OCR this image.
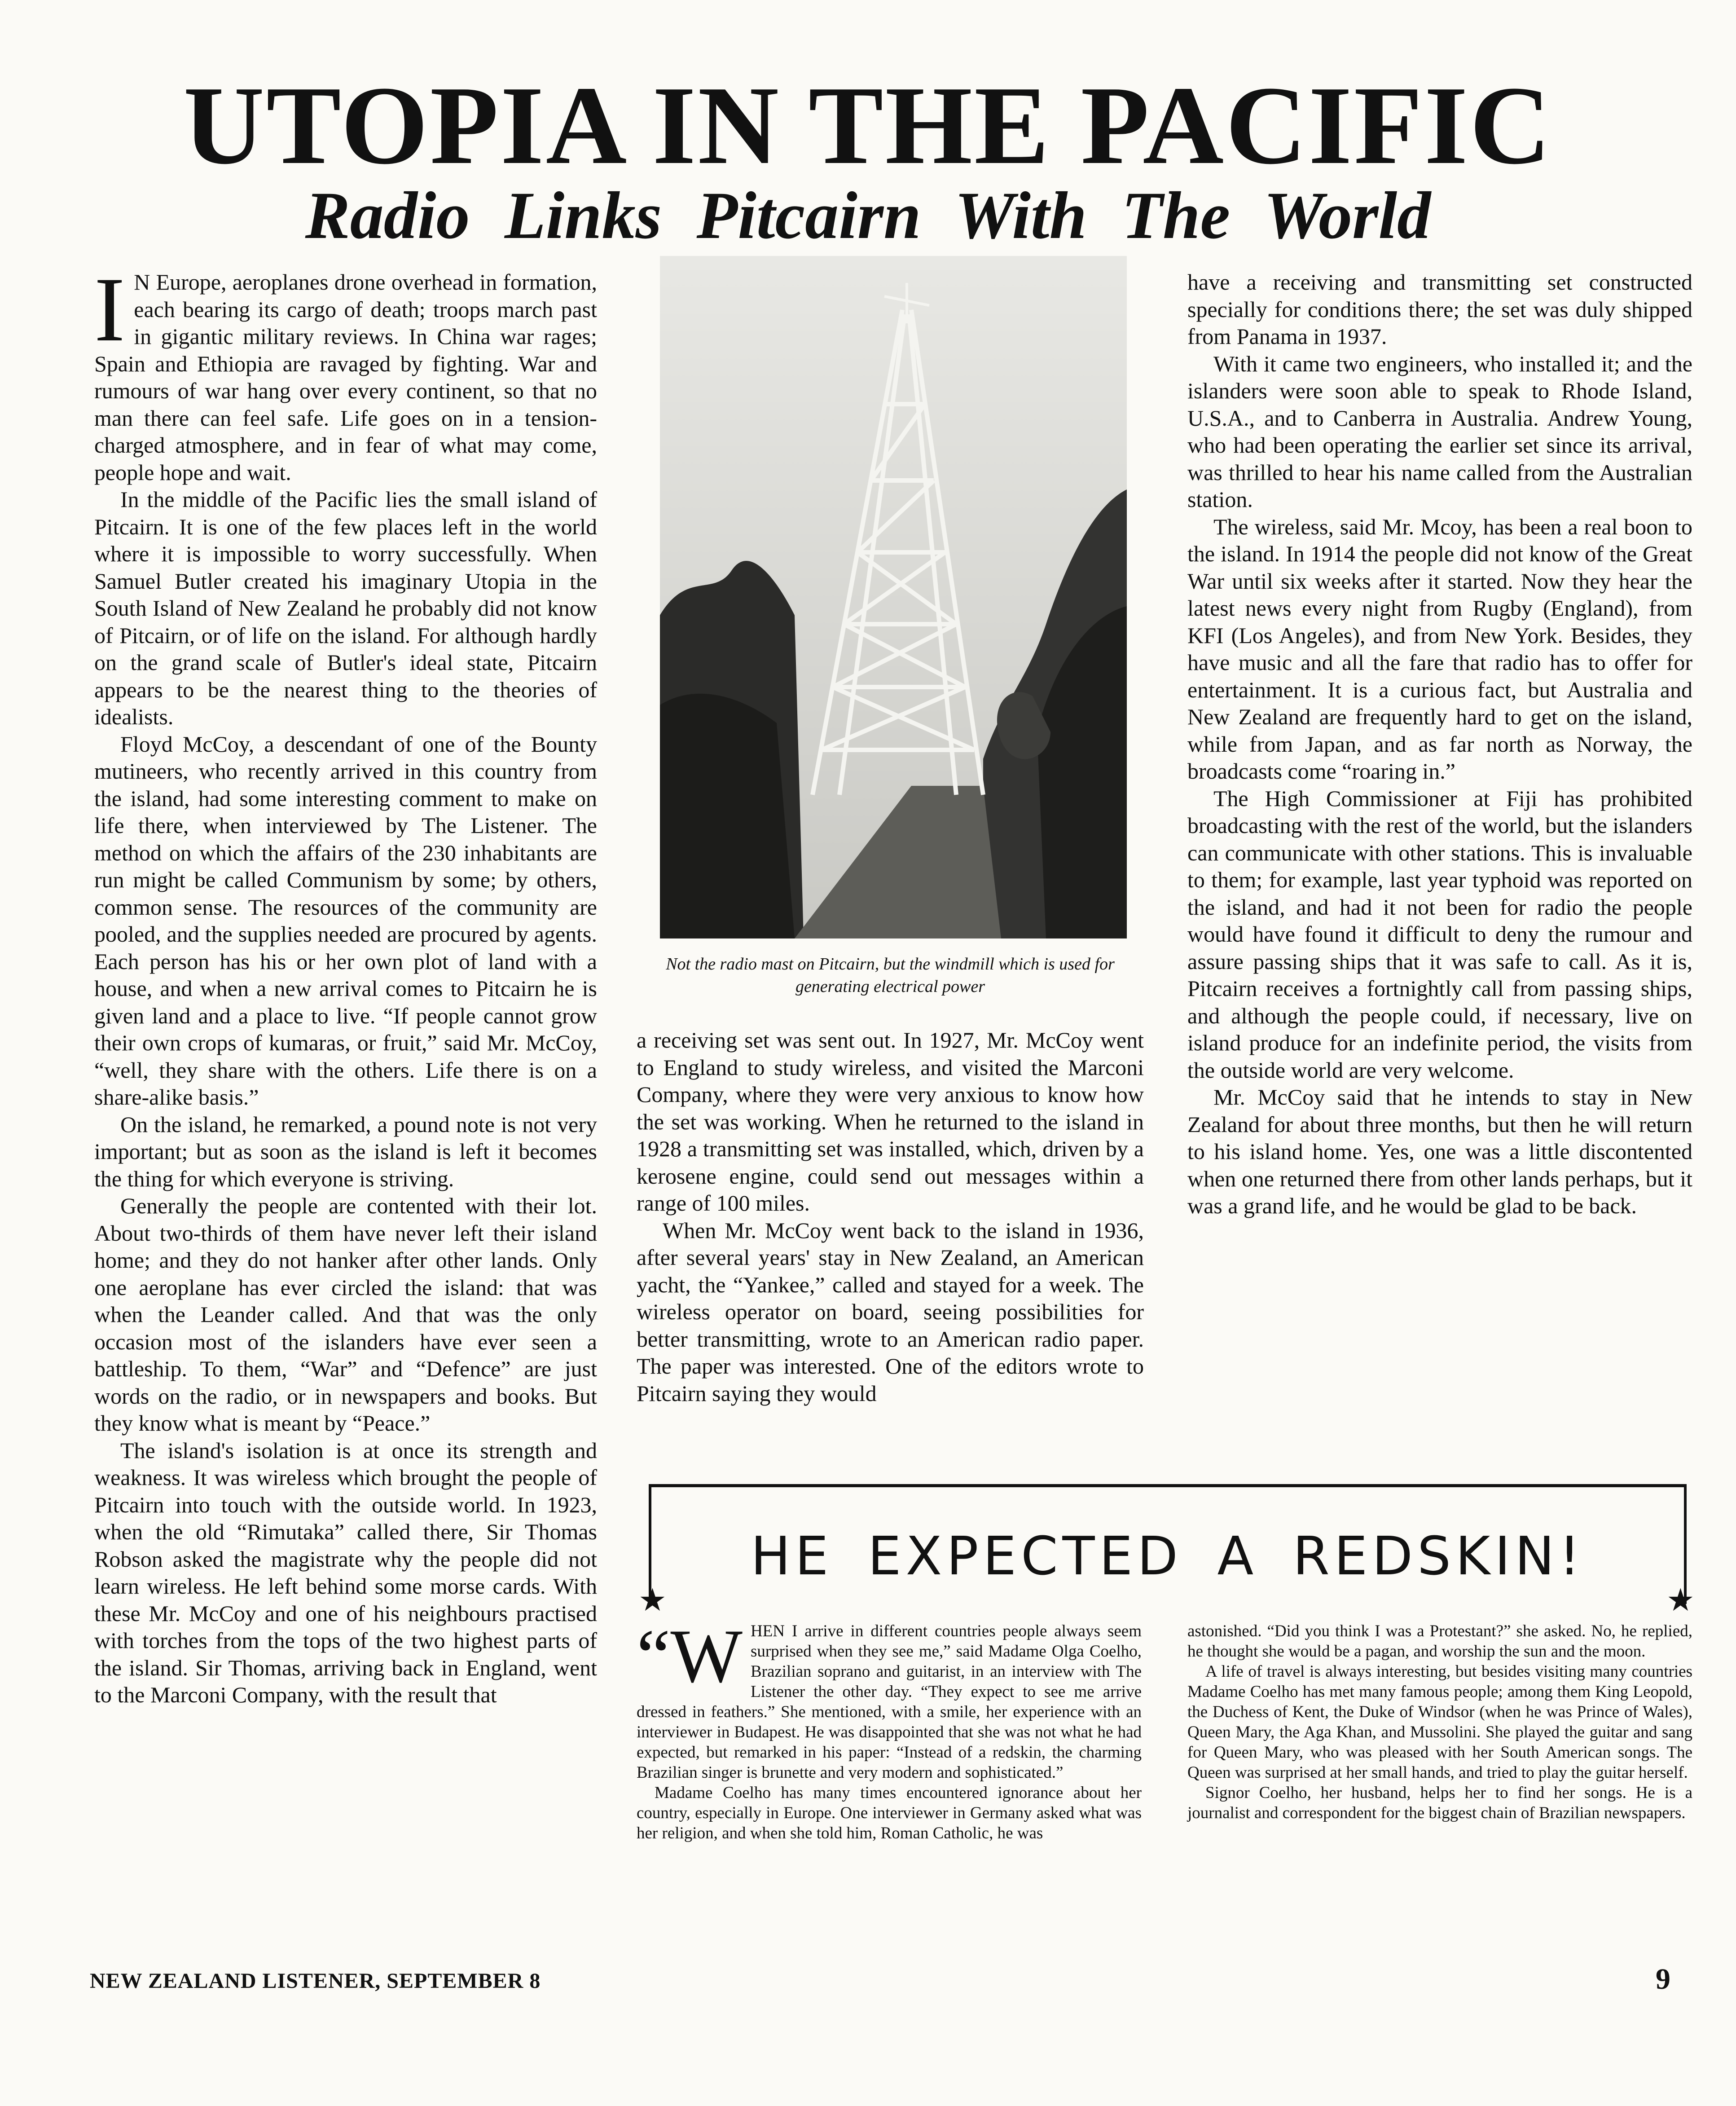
UTOPIA IN THE PACIFIC
Radio Links Pitcairn With The World

I N Europe, aeroplanes drone overhead in formation, each bearing its cargo of death; troops march past in gigantic military reviews. In China war rages; Spain and Ethiopia are ravaged by fighting. War and rumours of war hang over every continent, so that no man there can feel safe. Life goes on in a tension-charged atmosphere, and in fear of what may come, people hope and wait.

In the middle of the Pacific lies the small island of Pitcairn. It is one of the few places left in the world where it is impossible to worry successfully. When Samuel Butler created his imaginary Utopia in the South Island of New Zealand he probably did not know of Pitcairn, or of life on the island. For although hardly on the grand scale of Butler's ideal state, Pitcairn appears to be the nearest thing to the theories of idealists.

Floyd McCoy, a descendant of one of the Bounty mutineers, who recently arrived in this country from the island, had some interesting comment to make on life there, when interviewed by The Listener. The method on which the affairs of the 230 inhabitants are run might be called Communism by some; by others, common sense. The resources of the community are pooled, and the supplies needed are procured by agents. Each person has his or her own plot of land with a house, and when a new arrival comes to Pitcairn he is given land and a place to live. “If people cannot grow their own crops of kumaras, or fruit,” said Mr. McCoy, “well, they share with the others. Life there is on a share-alike basis.”

On the island, he remarked, a pound note is not very important; but as soon as the island is left it becomes the thing for which everyone is striving.

Generally the people are contented with their lot. About two-thirds of them have never left their island home; and they do not hanker after other lands. Only one aeroplane has ever circled the island: that was when the Leander called. And that was the only occasion most of the islanders have ever seen a battleship. To them, “War” and “Defence” are just words on the radio, or in newspapers and books. But they know what is meant by “Peace.”

The island's isolation is at once its strength and weakness. It was wireless which brought the people of Pitcairn into touch with the outside world. In 1923, when the old “Rimutaka” called there, Sir Thomas Robson asked the magistrate why the people did not learn wireless. He left behind some morse cards. With these Mr. McCoy and one of his neighbours practised with torches from the tops of the two highest parts of the island. Sir Thomas, arriving back in England, went to the Marconi Company, with the result that

Not the radio mast on Pitcairn, but the windmill which is used for generating electrical power

a receiving set was sent out. In 1927, Mr. McCoy went to England to study wireless, and visited the Marconi Company, where they were very anxious to know how the set was working. When he returned to the island in 1928 a transmitting set was installed, which, driven by a kerosene engine, could send out messages within a range of 100 miles.

When Mr. McCoy went back to the island in 1936, after several years' stay in New Zealand, an American yacht, the “Yankee,” called and stayed for a week. The wireless operator on board, seeing possibilities for better transmitting, wrote to an American radio paper. The paper was interested. One of the editors wrote to Pitcairn saying they would

have a receiving and transmitting set constructed specially for conditions there; the set was duly shipped from Panama in 1937.

With it came two engineers, who installed it; and the islanders were soon able to speak to Rhode Island, U.S.A., and to Canberra in Australia. Andrew Young, who had been operating the earlier set since its arrival, was thrilled to hear his name called from the Australian station.

The wireless, said Mr. Mcoy, has been a real boon to the island. In 1914 the people did not know of the Great War until six weeks after it started. Now they hear the latest news every night from Rugby (England), from KFI (Los Angeles), and from New York. Besides, they have music and all the fare that radio has to offer for entertainment. It is a curious fact, but Australia and New Zealand are frequently hard to get on the island, while from Japan, and as far north as Norway, the broadcasts come “roaring in.”

The High Commissioner at Fiji has prohibited broadcasting with the rest of the world, but the islanders can communicate with other stations. This is invaluable to them; for example, last year typhoid was reported on the island, and had it not been for radio the people would have found it difficult to deny the rumour and assure passing ships that it was safe to call. As it is, Pitcairn receives a fortnightly call from passing ships, and although the people could, if necessary, live on island produce for an indefinite period, the visits from the outside world are very welcome.

Mr. McCoy said that he intends to stay in New Zealand for about three months, but then he will return to his island home. Yes, one was a little discontented when one returned there from other lands perhaps, but it was a grand life, and he would be glad to be back.

HE EXPECTED A REDSKIN!
★	★

“W HEN I arrive in different countries people always seem surprised when they see me,” said Madame Olga Coelho, Brazilian soprano and guitarist, in an interview with The Listener the other day. “They expect to see me arrive dressed in feathers.” She mentioned, with a smile, her experience with an interviewer in Budapest. He was disappointed that she was not what he had expected, but remarked in his paper: “Instead of a redskin, the charming Brazilian singer is brunette and very modern and sophisticated.”

Madame Coelho has many times encountered ignorance about her country, especially in Europe. One interviewer in Germany asked what was her religion, and when she told him, Roman Catholic, he was

astonished. “Did you think I was a Protestant?” she asked. No, he replied, he thought she would be a pagan, and worship the sun and the moon.

A life of travel is always interesting, but besides visiting many countries Madame Coelho has met many famous people; among them King Leopold, the Duchess of Kent, the Duke of Windsor (when he was Prince of Wales), Queen Mary, the Aga Khan, and Mussolini. She played the guitar and sang for Queen Mary, who was pleased with her South American songs. The Queen was surprised at her small hands, and tried to play the guitar herself.

Signor Coelho, her husband, helps her to find her songs. He is a journalist and correspondent for the biggest chain of Brazilian newspapers.

NEW ZEALAND LISTENER, SEPTEMBER 8	9
